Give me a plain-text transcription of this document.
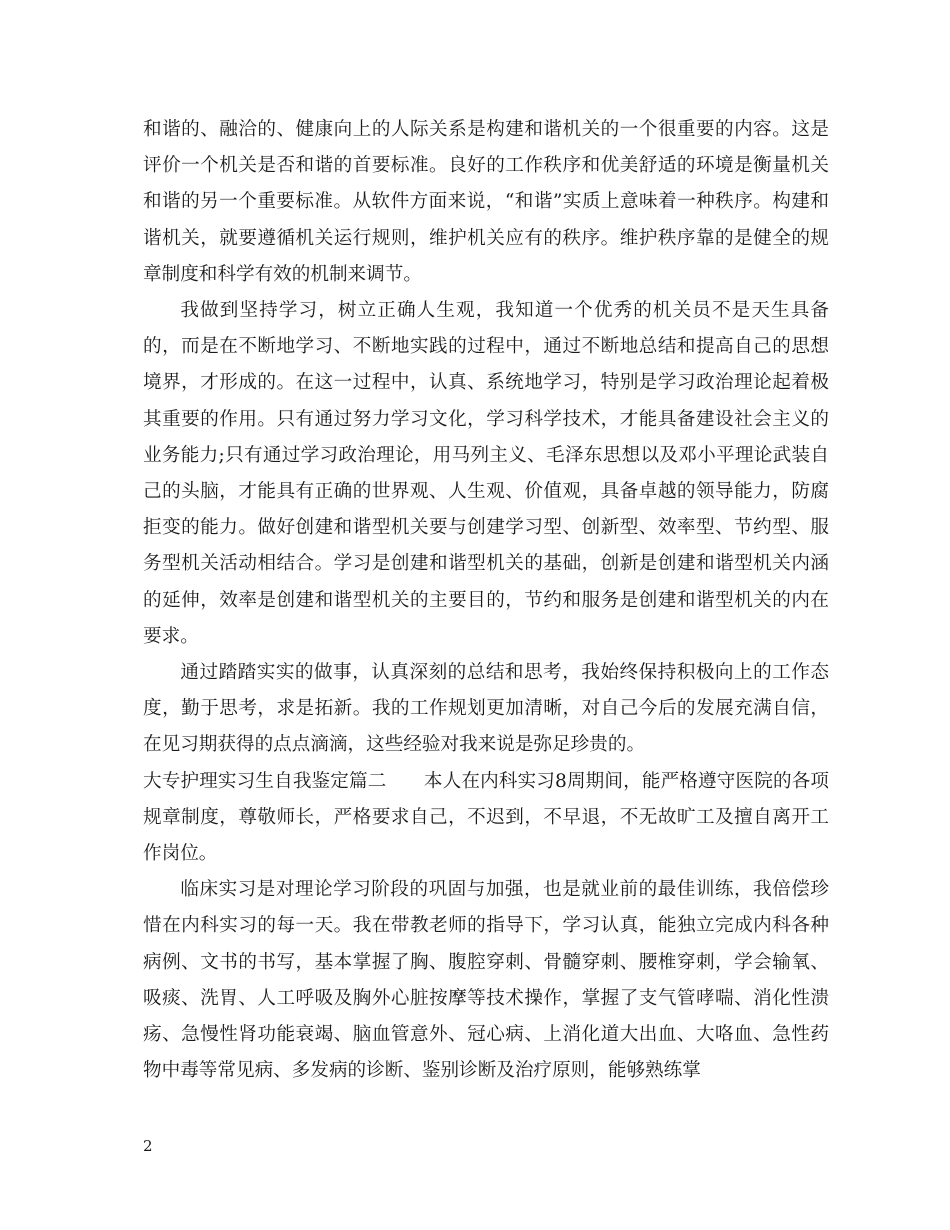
和谐的、融洽的、健康向上的人际关系是构建和谐机关的一个很重要的内容。这是评价一个机关是否和谐的首要标准。良好的工作秩序和优美舒适的环境是衡量机关和谐的另一个重要标准。从软件方面来说，“和谐”实质上意味着一种秩序。构建和谐机关，就要遵循机关运行规则，维护机关应有的秩序。维护秩序靠的是健全的规章制度和科学有效的机制来调节。

我做到坚持学习，树立正确人生观，我知道一个优秀的机关员不是天生具备的，而是在不断地学习、不断地实践的过程中，通过不断地总结和提高自己的思想境界，才形成的。在这一过程中，认真、系统地学习，特别是学习政治理论起着极其重要的作用。只有通过努力学习文化，学习科学技术，才能具备建设社会主义的业务能力;只有通过学习政治理论，用马列主义、毛泽东思想以及邓小平理论武装自己的头脑，才能具有正确的世界观、人生观、价值观，具备卓越的领导能力，防腐拒变的能力。做好创建和谐型机关要与创建学习型、创新型、效率型、节约型、服务型机关活动相结合。学习是创建和谐型机关的基础，创新是创建和谐型机关内涵的延伸，效率是创建和谐型机关的主要目的，节约和服务是创建和谐型机关的内在要求。

通过踏踏实实的做事，认真深刻的总结和思考，我始终保持积极向上的工作态度，勤于思考，求是拓新。我的工作规划更加清晰，对自己今后的发展充满自信，在见习期获得的点点滴滴，这些经验对我来说是弥足珍贵的。

大专护理实习生自我鉴定篇二　　本人在内科实习8周期间，能严格遵守医院的各项规章制度，尊敬师长，严格要求自己，不迟到，不早退，不无故旷工及擅自离开工作岗位。

临床实习是对理论学习阶段的巩固与加强，也是就业前的最佳训练，我倍偿珍惜在内科实习的每一天。我在带教老师的指导下，学习认真，能独立完成内科各种病例、文书的书写，基本掌握了胸、腹腔穿刺、骨髓穿刺、腰椎穿刺，学会输氧、吸痰、洗胃、人工呼吸及胸外心脏按摩等技术操作，掌握了支气管哮喘、消化性溃疡、急慢性肾功能衰竭、脑血管意外、冠心病、上消化道大出血、大咯血、急性药物中毒等常见病、多发病的诊断、鉴别诊断及治疗原则，能够熟练掌

2
